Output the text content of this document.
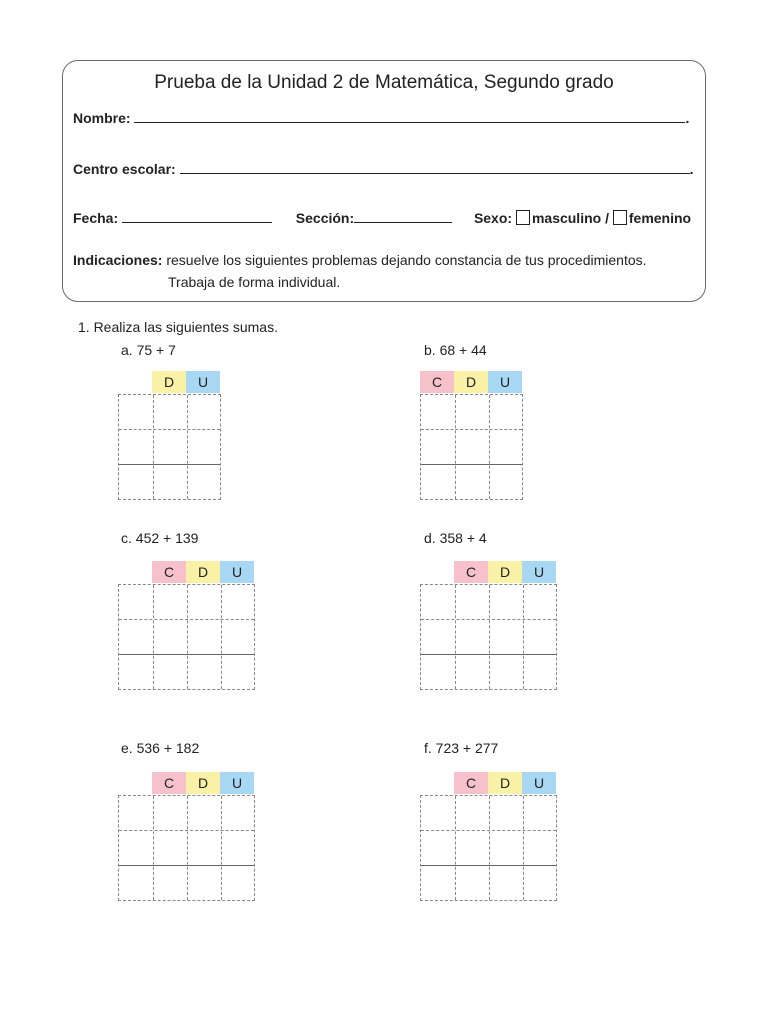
Prueba de la Unidad 2 de Matemática, Segundo grado
Nombre:	.
Centro escolar:	.
Fecha:	Sección:	Sexo: masculino / femenino
Indicaciones: resuelve los siguientes problemas dejando constancia de tus procedimientos.
Trabaja de forma individual.
1. Realiza las siguientes sumas.
a. 75 + 7
D	U
b. 68 + 44
C	D	U
c. 452 + 139
C	D	U
d. 358 + 4
C	D	U
e. 536 + 182
C	D	U
f. 723 + 277
C	D	U
